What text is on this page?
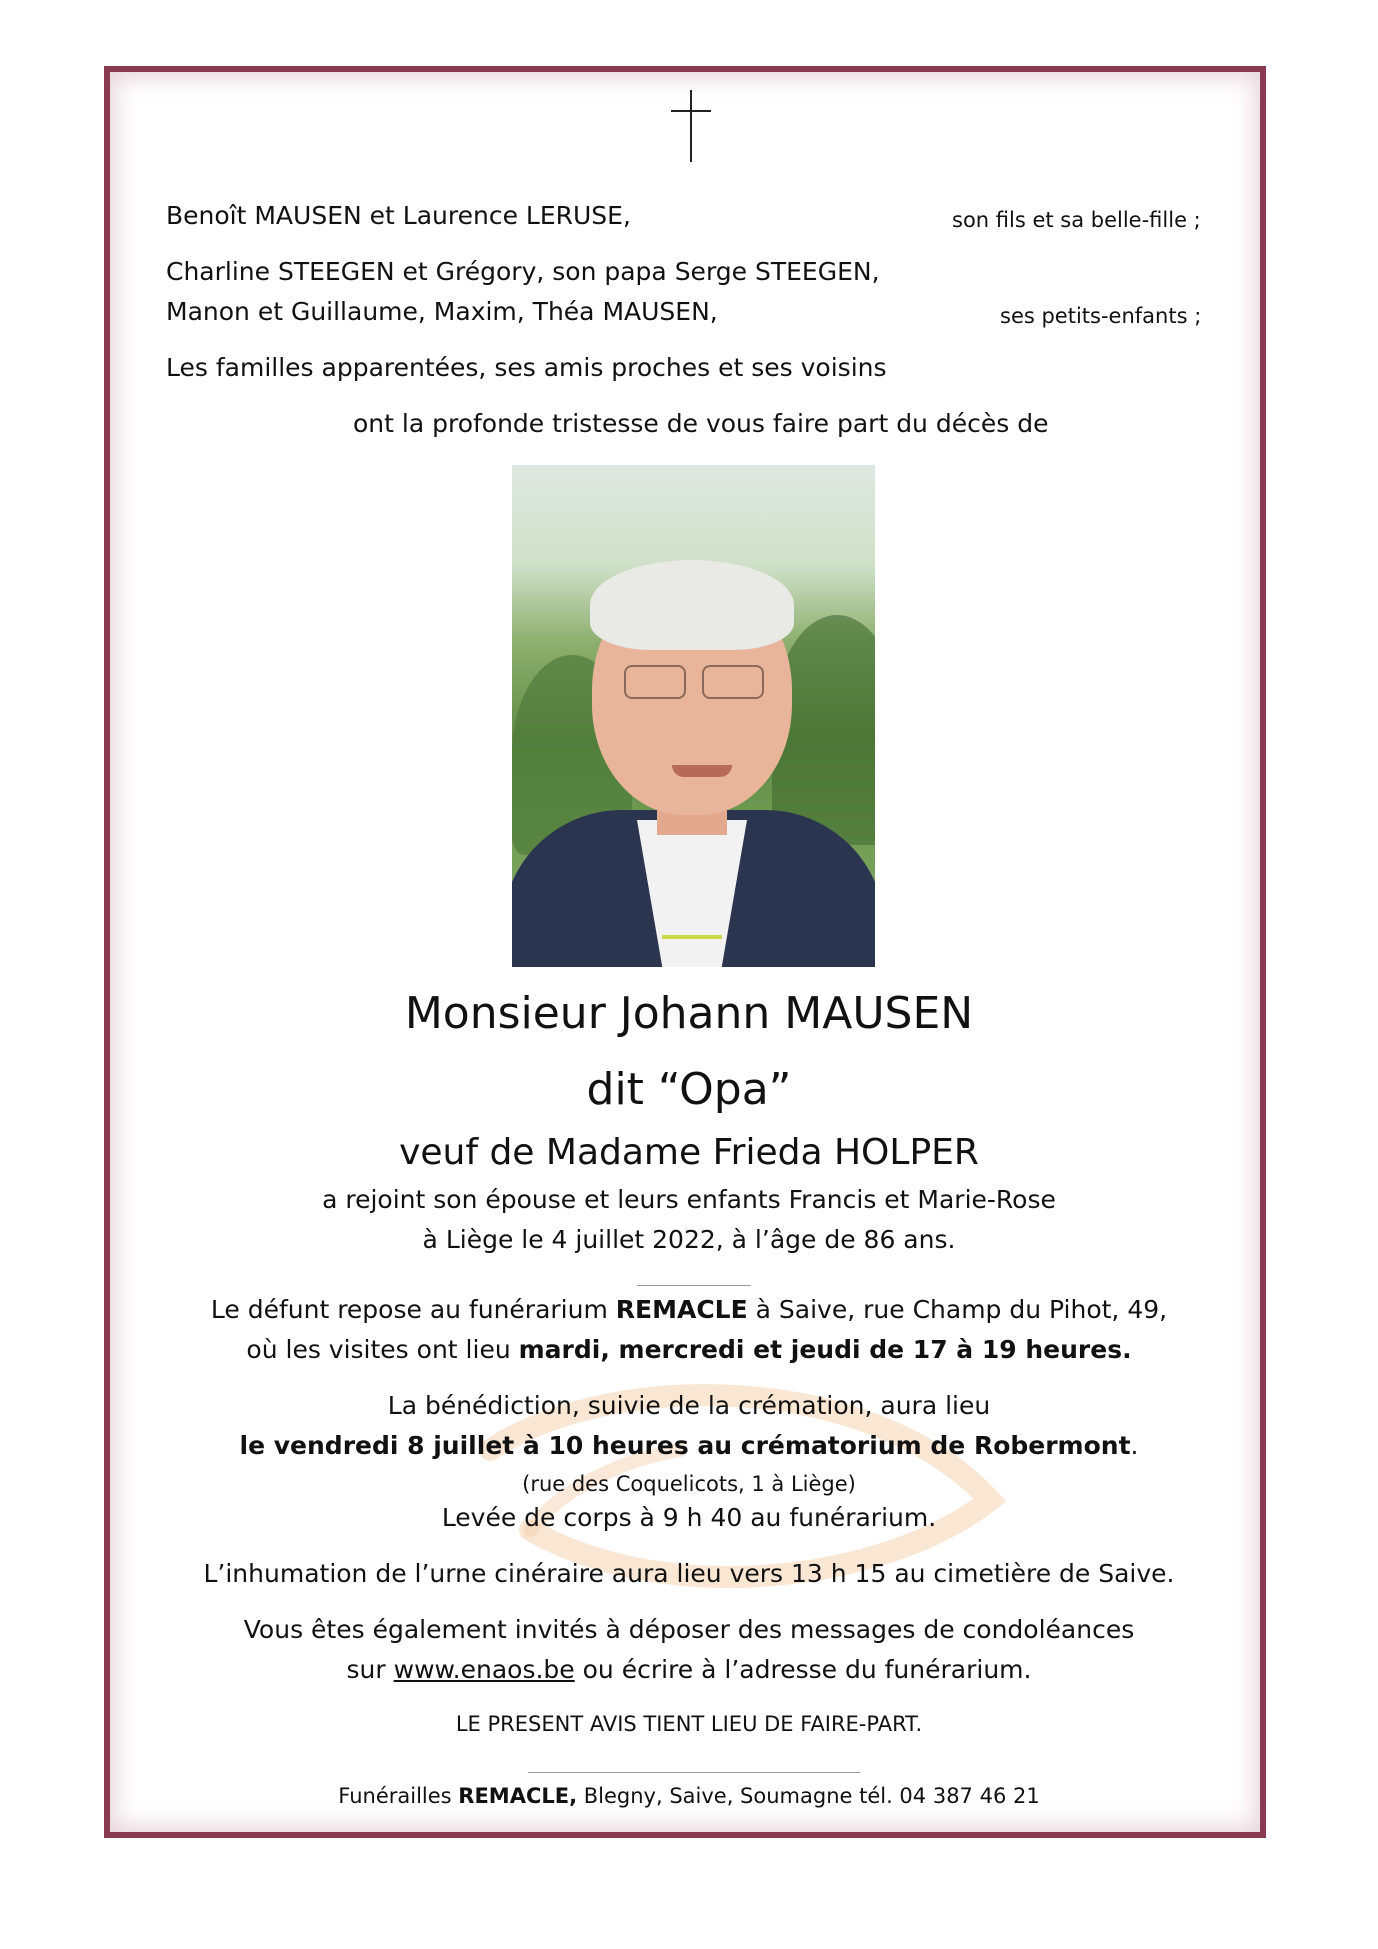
Benoît MAUSEN et Laurence LERUSE,	son fils et sa belle-fille ;
Charline STEEGEN et Grégory, son papa Serge STEEGEN,
Manon et Guillaume, Maxim, Théa MAUSEN,	ses petits-enfants ;
Les familles apparentées, ses amis proches et ses voisins
ont la profonde tristesse de vous faire part du décès de
Monsieur Johann MAUSEN
dit “Opa”
veuf de Madame Frieda HOLPER
a rejoint son épouse et leurs enfants Francis et Marie-Rose
à Liège le 4 juillet 2022, à l’âge de 86 ans.
Le défunt repose au funérarium REMACLE à Saive, rue Champ du Pihot, 49,
où les visites ont lieu mardi, mercredi et jeudi de 17 à 19 heures.
La bénédiction, suivie de la crémation, aura lieu
le vendredi 8 juillet à 10 heures au crématorium de Robermont.
(rue des Coquelicots, 1 à Liège)
Levée de corps à 9 h 40 au funérarium.
L’inhumation de l’urne cinéraire aura lieu vers 13 h 15 au cimetière de Saive.
Vous êtes également invités à déposer des messages de condoléances
sur www.enaos.be ou écrire à l’adresse du funérarium.
LE PRESENT AVIS TIENT LIEU DE FAIRE-PART.
Funérailles REMACLE, Blegny, Saive, Soumagne tél. 04 387 46 21
